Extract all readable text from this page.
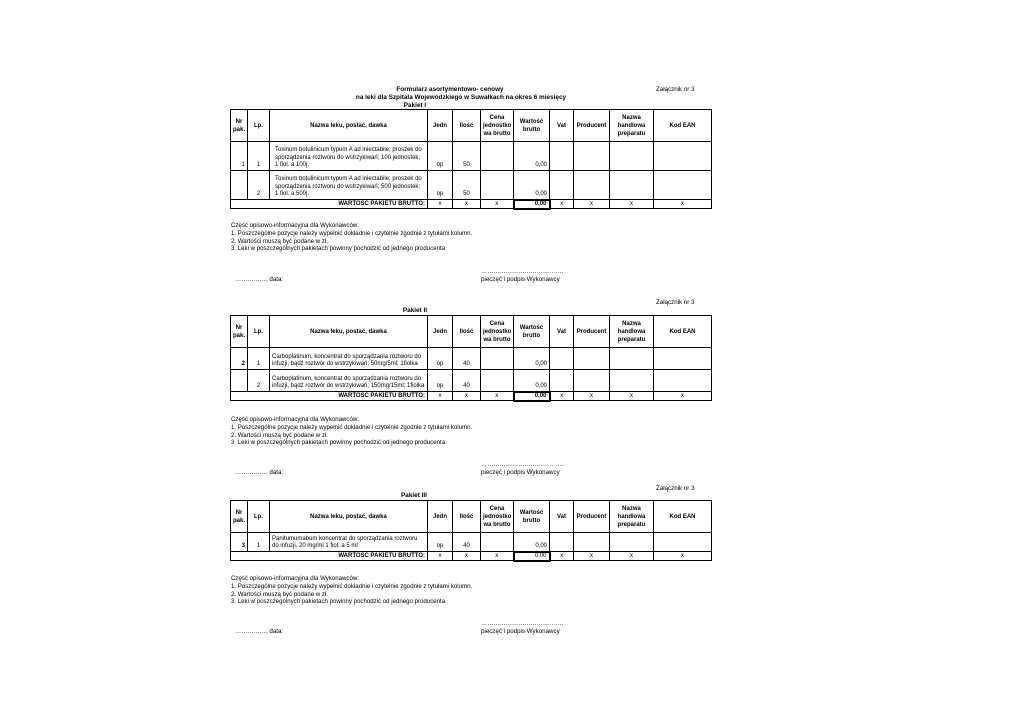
Formularz asortymentowo- cenowy
na leki dla Szpitala Wojewódzkiego w Suwałkach na okres 6 miesięcy
Pakiet I
Załącznik nr 3
Nr pak.	Lp.	Nazwa leku, postać, dawka	Jedn	Ilość	Cena jednostko wa brutto	Wartość brutto	Vat	Producent	Nazwa handlowa preparatu	Kod EAN
1	1	Toxinum botulinicum typum A ad iniectabile; proszek do sporządzenia roztworu do wstrzykiwań; 100 jednostek; 1 fiol. a 100j.	op	50		0,00				
	2	Toxinum botulinicum typum A ad iniectabile; proszek do sporządzenia roztworu do wstrzykiwań; 500 jednostek; 1 fiol. a 500j.	op	50		0,00				
WARTOŚĆ PAKIETU BRUTTO:			x	x	x	0,00	x	x	x	x
Część opisowo-informacyjna dla Wykonawców:
1. Poszczególne pozycje należy wypełnić dokładnie i czytelnie zgodnie z tytułami kolumn.
2. Wartości muszą być podane w zł.
3. Leki w poszczególnych pakietach powinny pochodzić od jednego producenta
……………. data:
………………………………….
pieczęć i podpis Wykonawcy
Załącznik nr 3
Pakiet II
Nr pak.	Lp.	Nazwa leku, postać, dawka	Jedn	Ilość	Cena jednostko wa brutto	Wartość brutto	Vat	Producent	Nazwa handlowa preparatu	Kod EAN
2	1	Carboplatinum, koncentrat do sporządzania roztworu do infuzji, bądź roztwór do wstrzykiwań; 50mg/5ml; 1fiolka	op	40		0,00				
	2	Carboplatinum, koncentrat do sporządzania roztworu do infuzji, bądź roztwór do wstrzykiwań; 150mg/15ml; 1fiolka	op	40		0,00				
WARTOŚĆ PAKIETU BRUTTO:			x	x	x	0,00	x	x	x	x
Część opisowo-informacyjna dla Wykonawców:
1. Poszczególne pozycje należy wypełnić dokładnie i czytelnie zgodnie z tytułami kolumn.
2. Wartości muszą być podane w zł.
3. Leki w poszczególnych pakietach powinny pochodzić od jednego producenta
……………. data:
………………………………….
pieczęć i podpis Wykonawcy
Załącznik nr 3
Pakiet III
Nr pak.	Lp.	Nazwa leku, postać, dawka	Jedn	Ilość	Cena jednostko wa brutto	Wartość brutto	Vat	Producent	Nazwa handlowa preparatu	Kod EAN
3	1	Panitumumabum koncentrat do sporządzania roztworu do infuzji, 20 mg/ml 1 fiol. a 5 ml	op	40		0,00				
WARTOŚĆ PAKIETU BRUTTO:			x	x	x	0,00	x	x	x	x
Część opisowo-informacyjna dla Wykonawców:
1. Poszczególne pozycje należy wypełnić dokładnie i czytelnie zgodnie z tytułami kolumn.
2. Wartości muszą być podane w zł.
3. Leki w poszczególnych pakietach powinny pochodzić od jednego producenta
……………. data:
………………………………….
pieczęć i podpis Wykonawcy
